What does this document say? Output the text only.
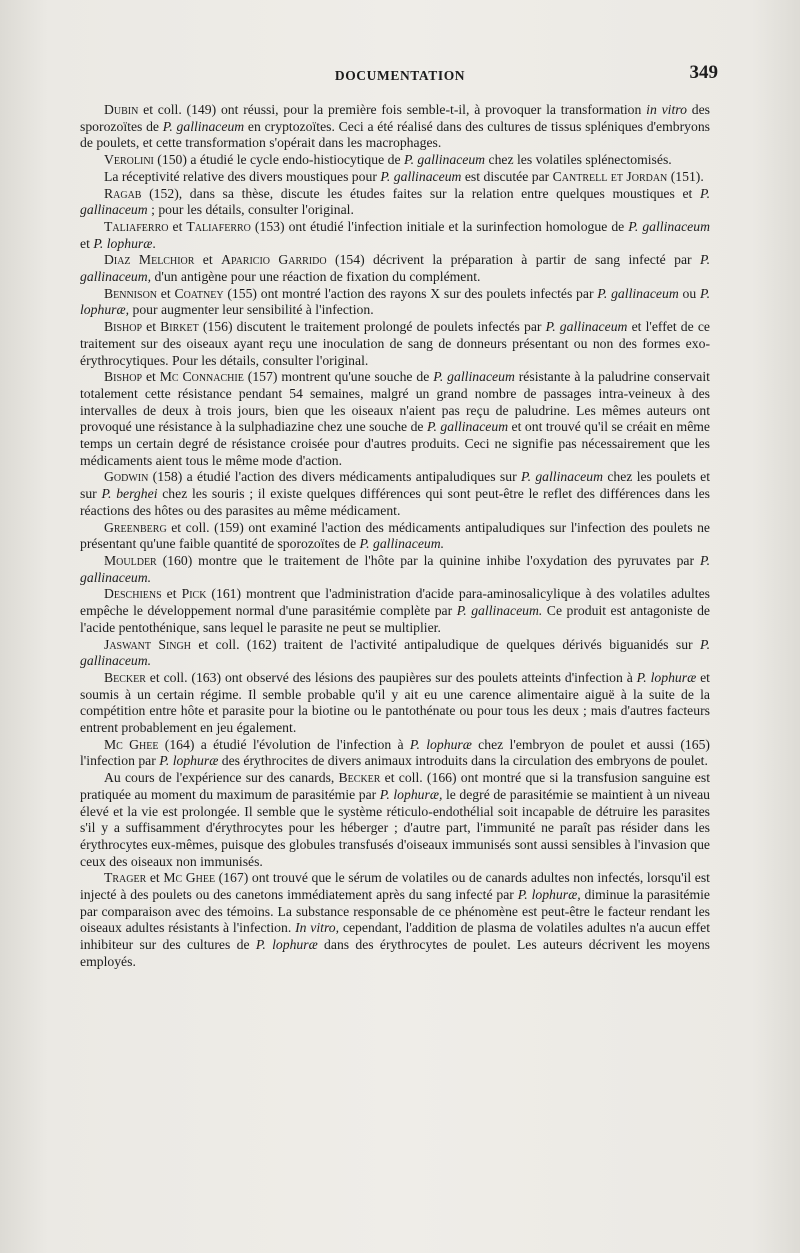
DOCUMENTATION	349

Dubin et coll. (149) ont réussi, pour la première fois semble-t-il, à provoquer la transformation in vitro des sporozoïtes de P. gallinaceum en cryptozoïtes. Ceci a été réalisé dans des cultures de tissus spléniques d'embryons de poulets, et cette transformation s'opérait dans les macrophages.

Verolini (150) a étudié le cycle endo-histiocytique de P. gallinaceum chez les volatiles splénectomisés.

La réceptivité relative des divers moustiques pour P. gallinaceum est discutée par Cantrell et Jordan (151).

Ragab (152), dans sa thèse, discute les études faites sur la relation entre quelques moustiques et P. gallinaceum ; pour les détails, consulter l'original.

Taliaferro et Taliaferro (153) ont étudié l'infection initiale et la surinfection homologue de P. gallinaceum et P. lophuræ.

Diaz Melchior et Aparicio Garrido (154) décrivent la préparation à partir de sang infecté par P. gallinaceum, d'un antigène pour une réaction de fixation du complément.

Bennison et Coatney (155) ont montré l'action des rayons X sur des poulets infectés par P. gallinaceum ou P. lophuræ, pour augmenter leur sensibilité à l'infection.

Bishop et Birket (156) discutent le traitement prolongé de poulets infectés par P. gallinaceum et l'effet de ce traitement sur des oiseaux ayant reçu une inoculation de sang de donneurs présentant ou non des formes exo-érythrocytiques. Pour les détails, consulter l'original.

Bishop et Mc Connachie (157) montrent qu'une souche de P. gallinaceum résistante à la paludrine conservait totalement cette résistance pendant 54 semaines, malgré un grand nombre de passages intra-veineux à des intervalles de deux à trois jours, bien que les oiseaux n'aient pas reçu de paludrine. Les mêmes auteurs ont provoqué une résistance à la sulphadiazine chez une souche de P. gallinaceum et ont trouvé qu'il se créait en même temps un certain degré de résistance croisée pour d'autres produits. Ceci ne signifie pas nécessairement que les médicaments aient tous le même mode d'action.

Godwin (158) a étudié l'action des divers médicaments antipaludiques sur P. gallinaceum chez les poulets et sur P. berghei chez les souris ; il existe quelques différences qui sont peut-être le reflet des différences dans les réactions des hôtes ou des parasites au même médicament.

Greenberg et coll. (159) ont examiné l'action des médicaments antipaludiques sur l'infection des poulets ne présentant qu'une faible quantité de sporozoïtes de P. gallinaceum.

Moulder (160) montre que le traitement de l'hôte par la quinine inhibe l'oxydation des pyruvates par P. gallinaceum.

Deschiens et Pick (161) montrent que l'administration d'acide para-aminosalicylique à des volatiles adultes empêche le développement normal d'une parasitémie complète par P. gallinaceum. Ce produit est antagoniste de l'acide pentothénique, sans lequel le parasite ne peut se multiplier.

Jaswant Singh et coll. (162) traitent de l'activité antipaludique de quelques dérivés biguanidés sur P. gallinaceum.

Becker et coll. (163) ont observé des lésions des paupières sur des poulets atteints d'infection à P. lophuræ et soumis à un certain régime. Il semble probable qu'il y ait eu une carence alimentaire aiguë à la suite de la compétition entre hôte et parasite pour la biotine ou le pantothénate ou pour tous les deux ; mais d'autres facteurs entrent probablement en jeu également.

Mc Ghee (164) a étudié l'évolution de l'infection à P. lophuræ chez l'embryon de poulet et aussi (165) l'infection par P. lophuræ des érythrocites de divers animaux introduits dans la circulation des embryons de poulet.

Au cours de l'expérience sur des canards, Becker et coll. (166) ont montré que si la transfusion sanguine est pratiquée au moment du maximum de parasitémie par P. lophuræ, le degré de parasitémie se maintient à un niveau élevé et la vie est prolongée. Il semble que le système réticulo-endothélial soit incapable de détruire les parasites s'il y a suffisamment d'érythrocytes pour les héberger ; d'autre part, l'immunité ne paraît pas résider dans les érythrocytes eux-mêmes, puisque des globules transfusés d'oiseaux immunisés sont aussi sensibles à l'invasion que ceux des oiseaux non immunisés.

Trager et Mc Ghee (167) ont trouvé que le sérum de volatiles ou de canards adultes non infectés, lorsqu'il est injecté à des poulets ou des canetons immédiatement après du sang infecté par P. lophuræ, diminue la parasitémie par comparaison avec des témoins. La substance responsable de ce phénomène est peut-être le facteur rendant les oiseaux adultes résistants à l'infection. In vitro, cependant, l'addition de plasma de volatiles adultes n'a aucun effet inhibiteur sur des cultures de P. lophuræ dans des érythrocytes de poulet. Les auteurs décrivent les moyens employés.
